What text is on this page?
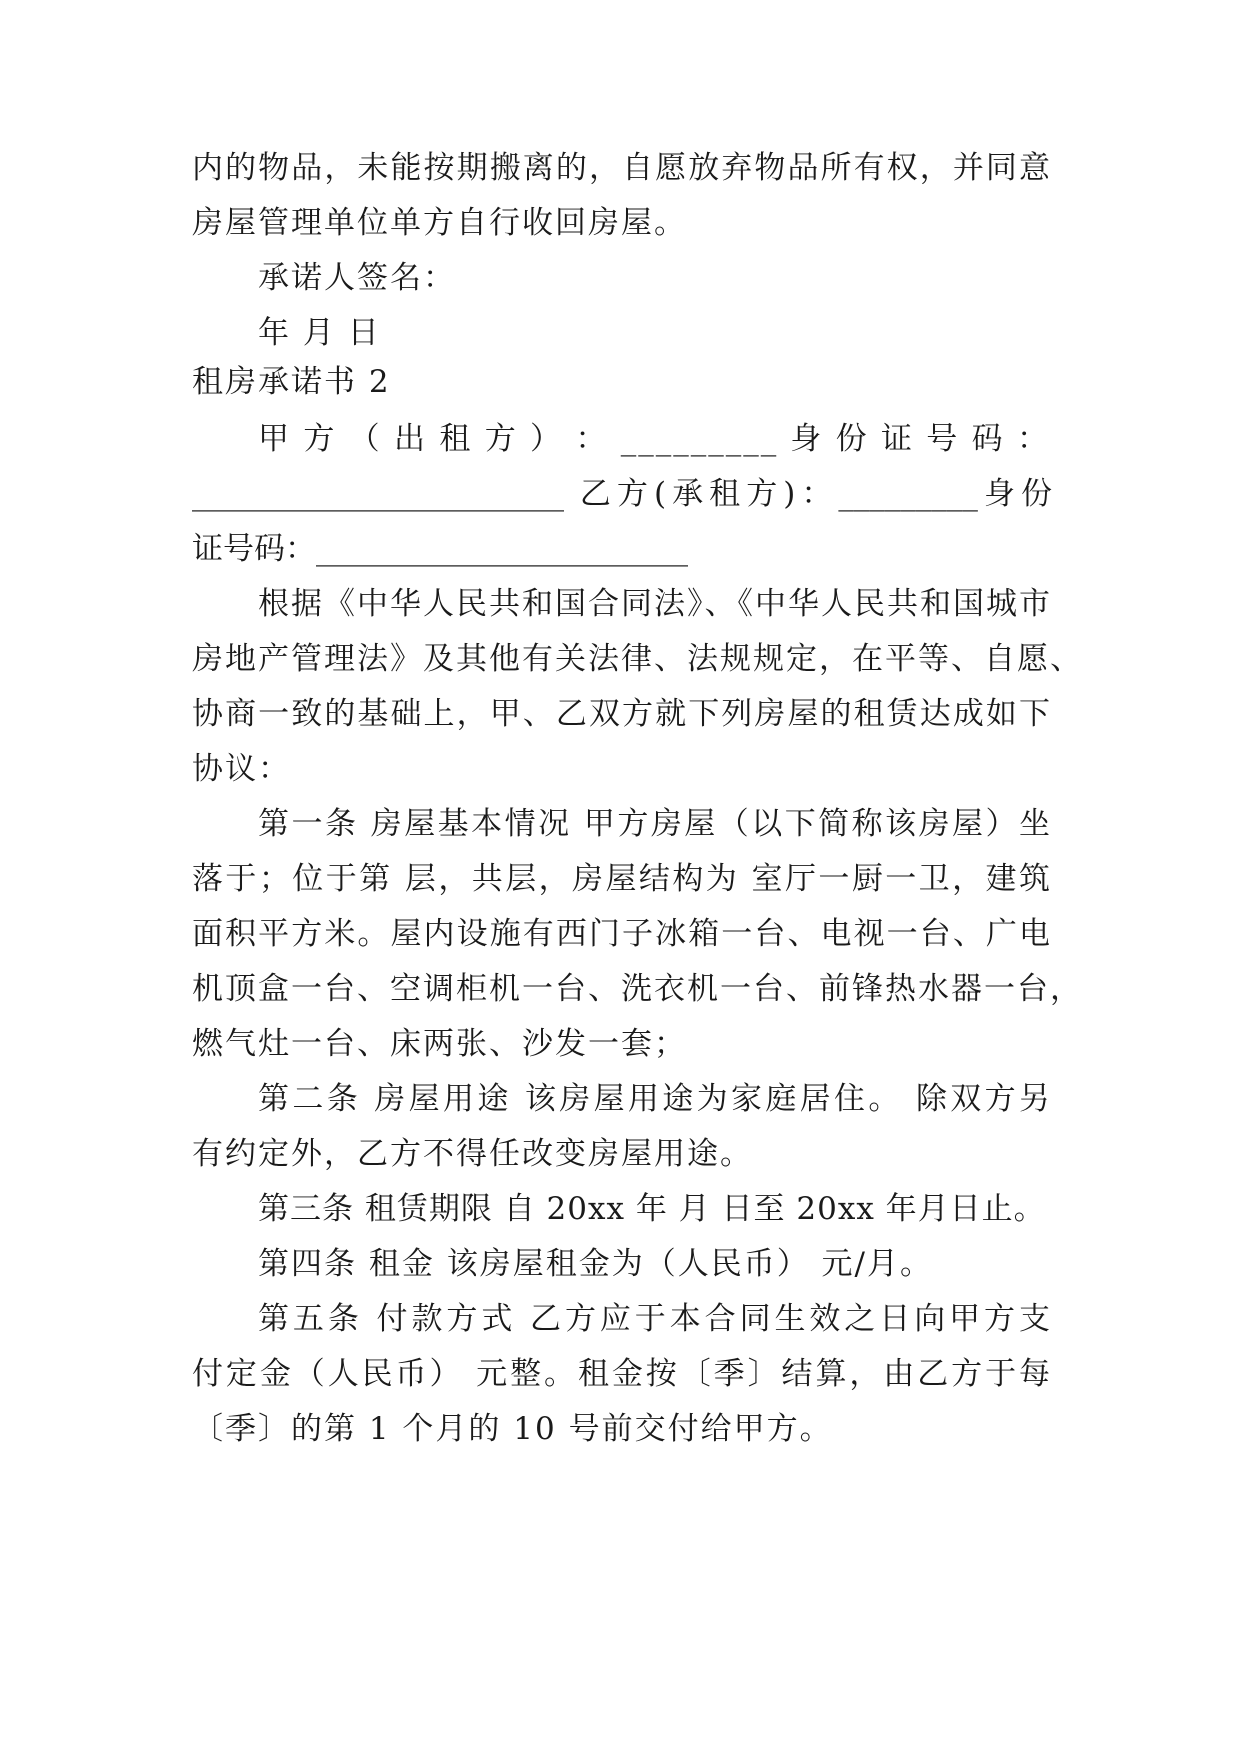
内的物品，未能按期搬离的，自愿放弃物品所有权，并同意
房屋管理单位单方自行收回房屋。
承诺人签名：
年 月 日
租房承诺书 2
甲 方 （ 出 租 方 ） ： _________ 身 份 证 号 码 ：
________________________ 乙方(承租方)：_________身份
证号码：________________________
根据《中华人民共和国合同法》、《中华人民共和国城市
房地产管理法》及其他有关法律、法规规定，在平等、自愿、
协商一致的基础上，甲、乙双方就下列房屋的租赁达成如下
协议：
第一条 房屋基本情况 甲方房屋（以下简称该房屋）坐
落于；位于第 层，共层，房屋结构为 室厅一厨一卫，建筑
面积平方米。屋内设施有西门子冰箱一台、电视一台、广电
机顶盒一台、空调柜机一台、洗衣机一台、前锋热水器一台，
燃气灶一台、床两张、沙发一套；
第二条 房屋用途 该房屋用途为家庭居住。 除双方另
有约定外，乙方不得任改变房屋用途。
第三条 租赁期限 自 20xx 年 月 日至 20xx 年月日止。
第四条 租金 该房屋租金为（人民币） 元/月。
第五条 付款方式 乙方应于本合同生效之日向甲方支
付定金（人民币） 元整。租金按〔季〕结算，由乙方于每
〔季〕的第 1 个月的 10 号前交付给甲方。
